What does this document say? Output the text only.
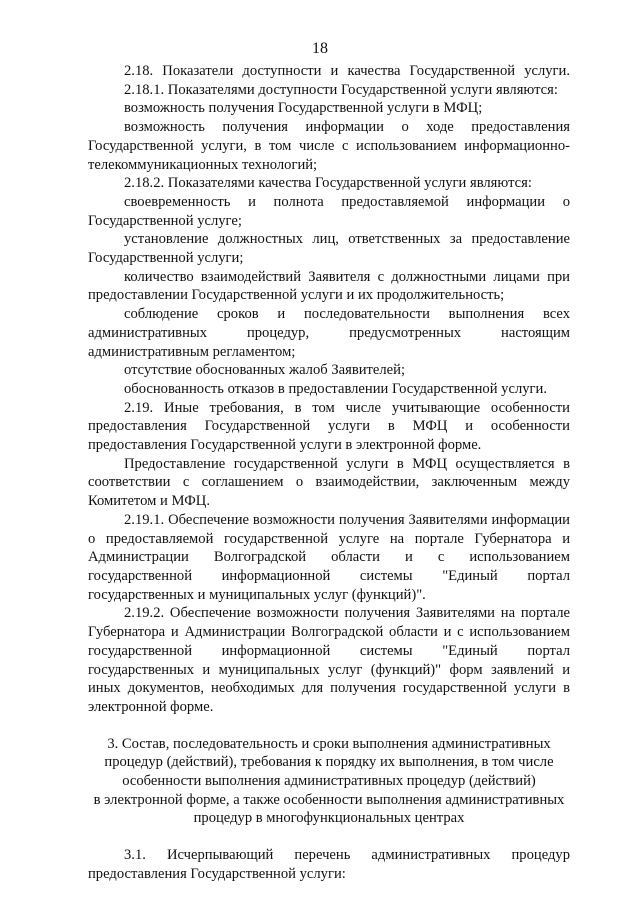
18

2.18. Показатели доступности и качества Государственной услуги.

2.18.1. Показателями доступности Государственной услуги являются:

возможность получения Государственной услуги в МФЦ;

возможность получения информации о ходе предоставления Государственной услуги, в том числе с использованием информационно-телекоммуникационных технологий;

2.18.2. Показателями качества Государственной услуги являются:

своевременность и полнота предоставляемой информации о Государственной услуге;

установление должностных лиц, ответственных за предоставление Государственной услуги;

количество взаимодействий Заявителя с должностными лицами при предоставлении Государственной услуги и их продолжительность;

соблюдение сроков и последовательности выполнения всех административных процедур, предусмотренных настоящим административным регламентом;

отсутствие обоснованных жалоб Заявителей;

обоснованность отказов в предоставлении Государственной услуги.

2.19. Иные требования, в том числе учитывающие особенности предоставления Государственной услуги в МФЦ и особенности предоставления Государственной услуги в электронной форме.

Предоставление государственной услуги в МФЦ осуществляется в соответствии с соглашением о взаимодействии, заключенным между Комитетом и МФЦ.

2.19.1. Обеспечение возможности получения Заявителями информации о предоставляемой государственной услуге на портале Губернатора и Администрации Волгоградской области и с использованием государственной информационной системы "Единый портал государственных и муниципальных услуг (функций)".

2.19.2. Обеспечение возможности получения Заявителями на портале Губернатора и Администрации Волгоградской области и с использованием государственной информационной системы "Единый портал государственных и муниципальных услуг (функций)" форм заявлений и иных документов, необходимых для получения государственной услуги в электронной форме.

3. Состав, последовательность и сроки выполнения административных
процедур (действий), требования к порядку их выполнения, в том числе
особенности выполнения административных процедур (действий)
в электронной форме, а также особенности выполнения административных
процедур в многофункциональных центрах

3.1. Исчерпывающий перечень административных процедур предоставления Государственной услуги:
